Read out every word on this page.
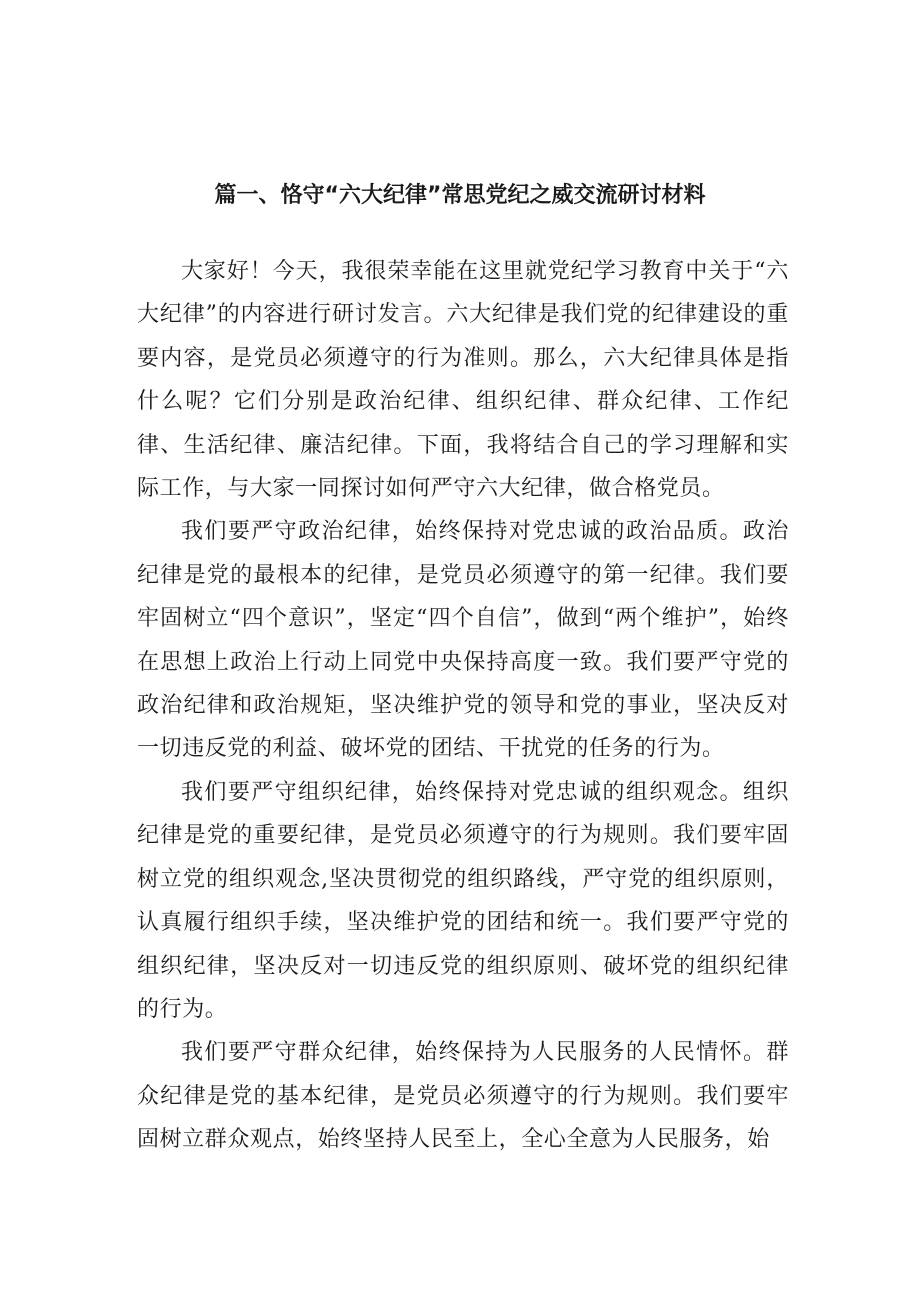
篇一、恪守“六大纪律”常思党纪之威交流研讨材料

大家好！今天，我很荣幸能在这里就党纪学习教育中关于“六大纪律”的内容进行研讨发言。六大纪律是我们党的纪律建设的重要内容，是党员必须遵守的行为准则。那么，六大纪律具体是指什么呢？它们分别是政治纪律、组织纪律、群众纪律、工作纪律、生活纪律、廉洁纪律。下面，我将结合自己的学习理解和实际工作，与大家一同探讨如何严守六大纪律，做合格党员。

我们要严守政治纪律，始终保持对党忠诚的政治品质。政治纪律是党的最根本的纪律，是党员必须遵守的第一纪律。我们要牢固树立“四个意识”，坚定“四个自信”，做到“两个维护”，始终在思想上政治上行动上同党中央保持高度一致。我们要严守党的政治纪律和政治规矩，坚决维护党的领导和党的事业，坚决反对一切违反党的利益、破坏党的团结、干扰党的任务的行为。

我们要严守组织纪律，始终保持对党忠诚的组织观念。组织纪律是党的重要纪律，是党员必须遵守的行为规则。我们要牢固树立党的组织观念,坚决贯彻党的组织路线，严守党的组织原则，认真履行组织手续，坚决维护党的团结和统一。我们要严守党的组织纪律，坚决反对一切违反党的组织原则、破坏党的组织纪律的行为。

我们要严守群众纪律，始终保持为人民服务的人民情怀。群众纪律是党的基本纪律，是党员必须遵守的行为规则。我们要牢固树立群众观点，始终坚持人民至上，全心全意为人民服务，始
